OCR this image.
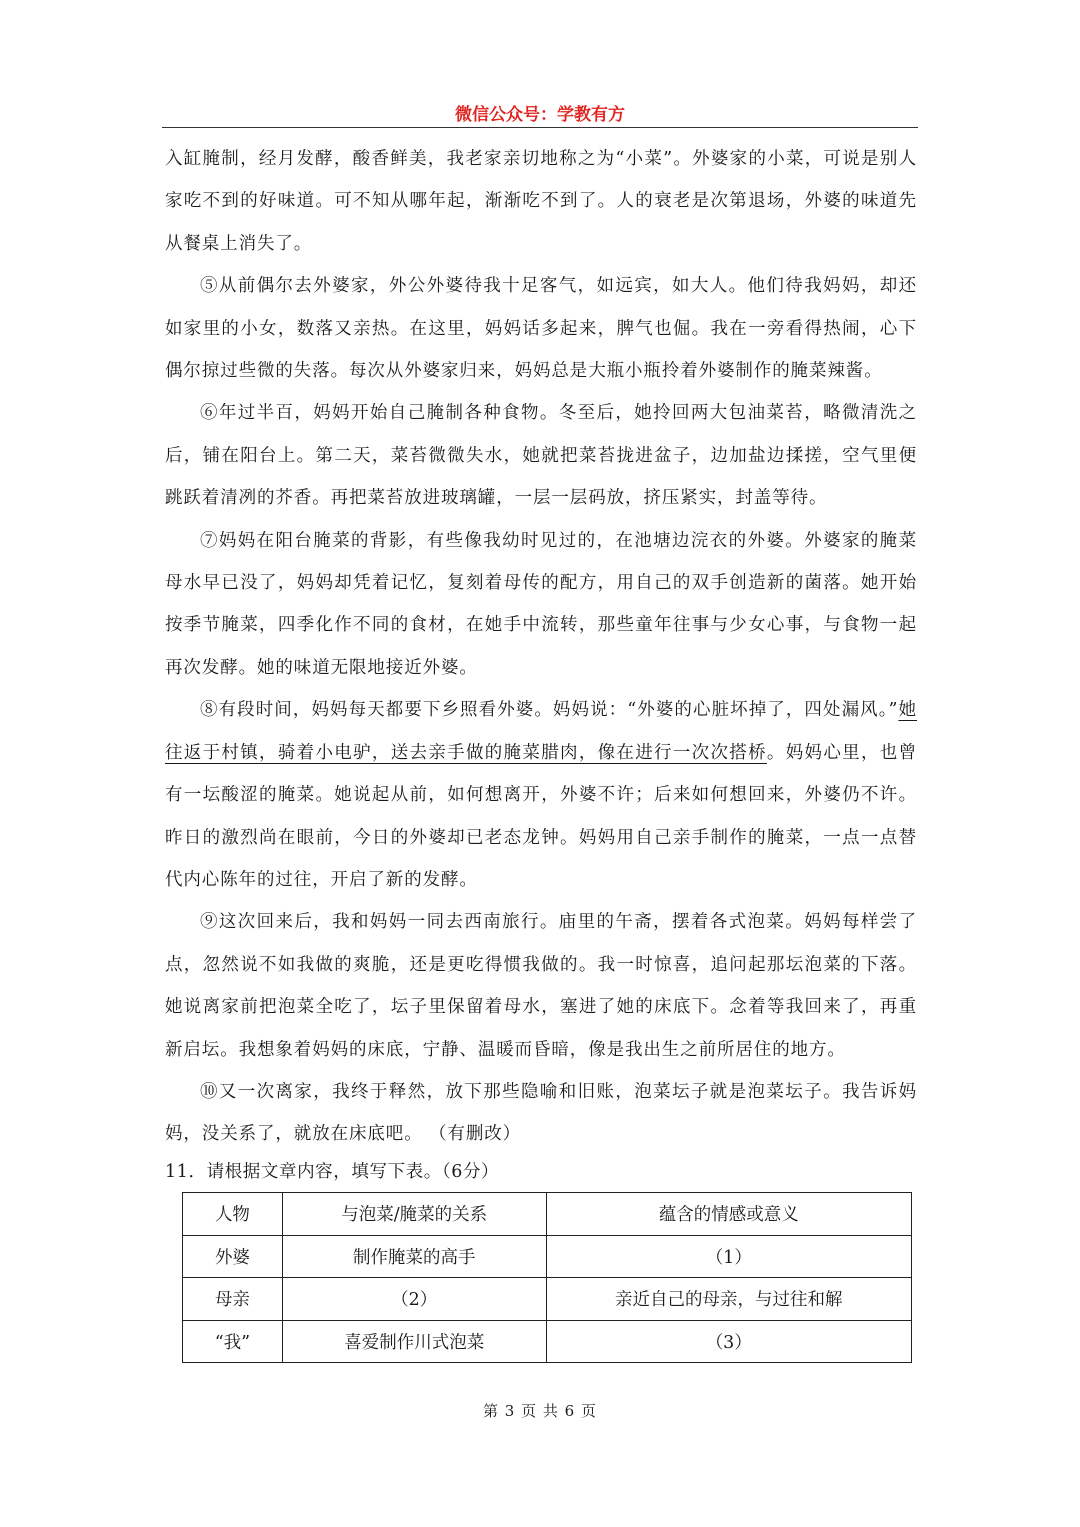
微信公众号：学教有方

入缸腌制，经月发酵，酸香鲜美，我老家亲切地称之为“小菜”。外婆家的小菜，可说是别人家吃不到的好味道。可不知从哪年起，渐渐吃不到了。人的衰老是次第退场，外婆的味道先从餐桌上消失了。

⑤从前偶尔去外婆家，外公外婆待我十足客气，如远宾，如大人。他们待我妈妈，却还如家里的小女，数落又亲热。在这里，妈妈话多起来，脾气也倔。我在一旁看得热闹，心下偶尔掠过些微的失落。每次从外婆家归来，妈妈总是大瓶小瓶拎着外婆制作的腌菜辣酱。

⑥年过半百，妈妈开始自己腌制各种食物。冬至后，她拎回两大包油菜苔，略微清洗之后，铺在阳台上。第二天，菜苔微微失水，她就把菜苔拢进盆子，边加盐边揉搓，空气里便跳跃着清冽的芥香。再把菜苔放进玻璃罐，一层一层码放，挤压紧实，封盖等待。

⑦妈妈在阳台腌菜的背影，有些像我幼时见过的，在池塘边浣衣的外婆。外婆家的腌菜母水早已没了，妈妈却凭着记忆，复刻着母传的配方，用自己的双手创造新的菌落。她开始按季节腌菜，四季化作不同的食材，在她手中流转，那些童年往事与少女心事，与食物一起再次发酵。她的味道无限地接近外婆。

⑧有段时间，妈妈每天都要下乡照看外婆。妈妈说：“外婆的心脏坏掉了，四处漏风。”她往返于村镇，骑着小电驴，送去亲手做的腌菜腊肉，像在进行一次次搭桥。妈妈心里，也曾有一坛酸涩的腌菜。她说起从前，如何想离开，外婆不许；后来如何想回来，外婆仍不许。昨日的激烈尚在眼前，今日的外婆却已老态龙钟。妈妈用自己亲手制作的腌菜，一点一点替代内心陈年的过往，开启了新的发酵。

⑨这次回来后，我和妈妈一同去西南旅行。庙里的午斋，摆着各式泡菜。妈妈每样尝了点，忽然说不如我做的爽脆，还是更吃得惯我做的。我一时惊喜，追问起那坛泡菜的下落。她说离家前把泡菜全吃了，坛子里保留着母水，塞进了她的床底下。念着等我回来了，再重新启坛。我想象着妈妈的床底，宁静、温暖而昏暗，像是我出生之前所居住的地方。

⑩又一次离家，我终于释然，放下那些隐喻和旧账，泡菜坛子就是泡菜坛子。我告诉妈妈，没关系了，就放在床底吧。 （有删改）

11．请根据文章内容，填写下表。（6分）
人物	与泡菜/腌菜的关系	蕴含的情感或意义
外婆	制作腌菜的高手	（1）
母亲	（2）	亲近自己的母亲，与过往和解
“我”	喜爱制作川式泡菜	（3）
第 3 页 共 6 页
